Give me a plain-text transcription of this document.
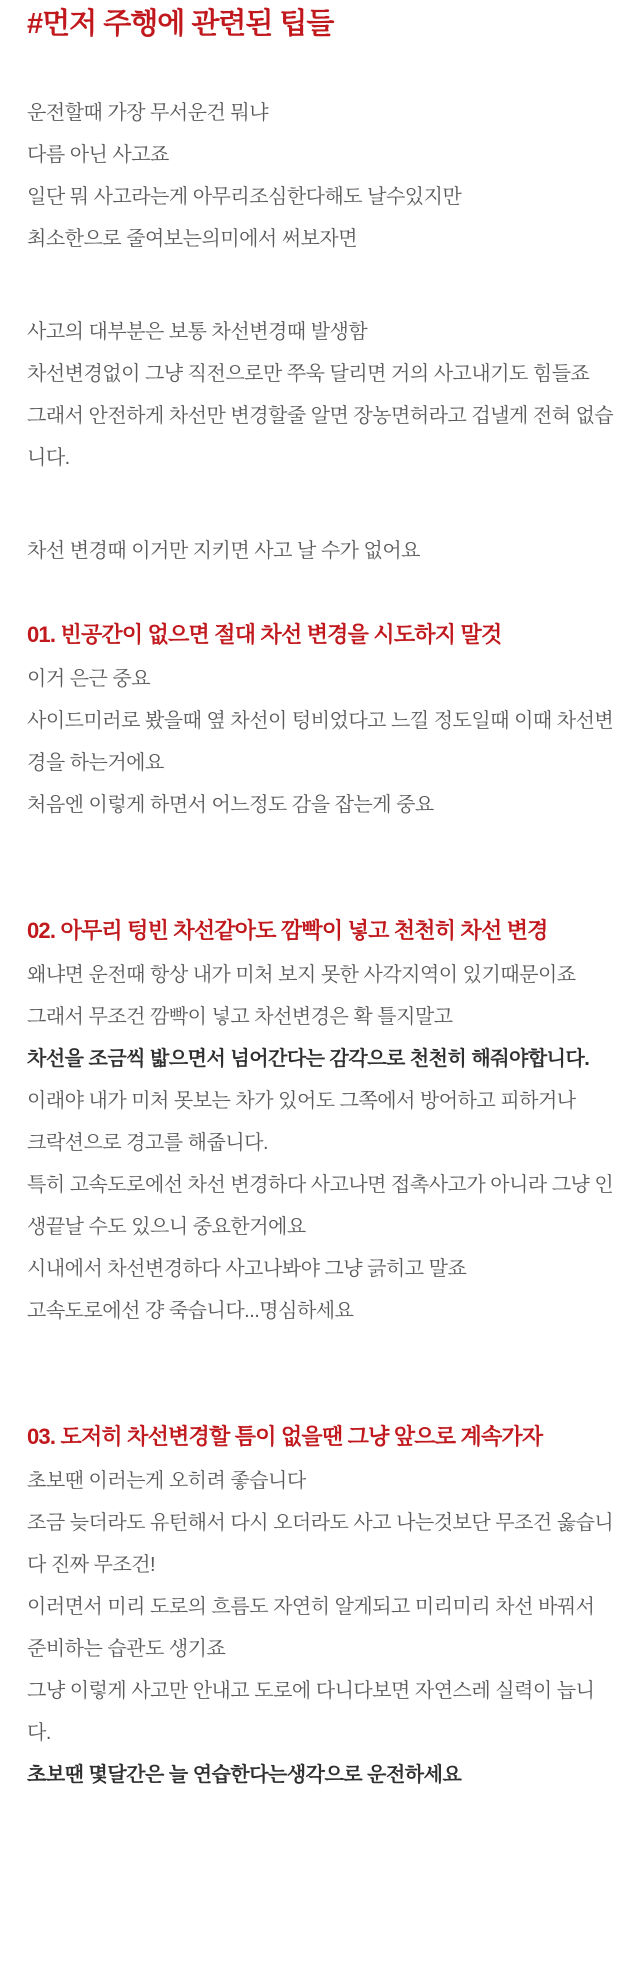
#먼저 주행에 관련된 팁들

운전할때 가장 무서운건 뭐냐

다름 아닌 사고죠

일단 뭐 사고라는게 아무리조심한다해도 날수있지만

최소한으로 줄여보는의미에서 써보자면

사고의 대부분은 보통 차선변경때 발생함

차선변경없이 그냥 직전으로만 쭈욱 달리면 거의 사고내기도 힘들죠

그래서 안전하게 차선만 변경할줄 알면 장농면허라고 겁낼게 전혀 없습니다.

차선 변경때 이거만 지키면 사고 날 수가 없어요

01. 빈공간이 없으면 절대 차선 변경을 시도하지 말것

이거 은근 중요

사이드미러로 봤을때 옆 차선이 텅비었다고 느낄 정도일때 이때 차선변경을 하는거에요

처음엔 이렇게 하면서 어느정도 감을 잡는게 중요

02. 아무리 텅빈 차선같아도 깜빡이 넣고 천천히 차선 변경

왜냐면 운전때 항상 내가 미처 보지 못한 사각지역이 있기때문이죠

그래서 무조건 깜빡이 넣고 차선변경은 확 틀지말고

차선을 조금씩 밟으면서 넘어간다는 감각으로 천천히 해줘야합니다.

이래야 내가 미처 못보는 차가 있어도 그쪽에서 방어하고 피하거나

크락션으로 경고를 해줍니다.

특히 고속도로에선 차선 변경하다 사고나면 접촉사고가 아니라 그냥 인생끝날 수도 있으니 중요한거에요

시내에서 차선변경하다 사고나봐야 그냥 긁히고 말죠

고속도로에선 걍 죽습니다...명심하세요

03. 도저히 차선변경할 틈이 없을땐 그냥 앞으로 계속가자

초보땐 이러는게 오히려 좋습니다

조금 늦더라도 유턴해서 다시 오더라도 사고 나는것보단 무조건 옳습니다 진짜 무조건!

이러면서 미리 도로의 흐름도 자연히 알게되고 미리미리 차선 바꿔서 준비하는 습관도 생기죠

그냥 이렇게 사고만 안내고 도로에 다니다보면 자연스레 실력이 늡니다.

초보땐 몇달간은 늘 연습한다는생각으로 운전하세요
